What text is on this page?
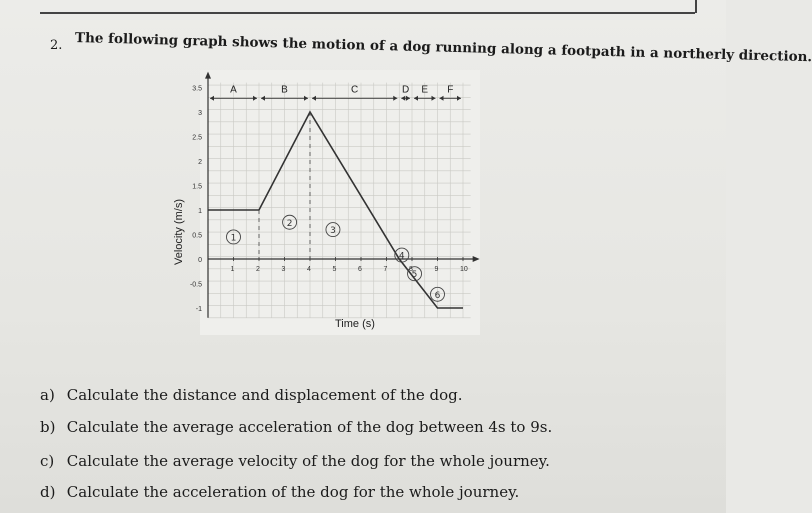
2. The following graph shows the motion of a dog running along a footpath in a northerly direction.
1	2	3	4	5	6	7	8	9	10
3.5
3
2.5
2
1.5
1
0.5
0
-0.5
-1
A	B	C	D E F
1
2
3
4
5
6
Time (s)
Velocity (m/s)
a) Calculate the distance and displacement of the dog.
b) Calculate the average acceleration of the dog between 4s to 9s.
c) Calculate the average velocity of the dog for the whole journey.
d) Calculate the acceleration of the dog for the whole journey.
